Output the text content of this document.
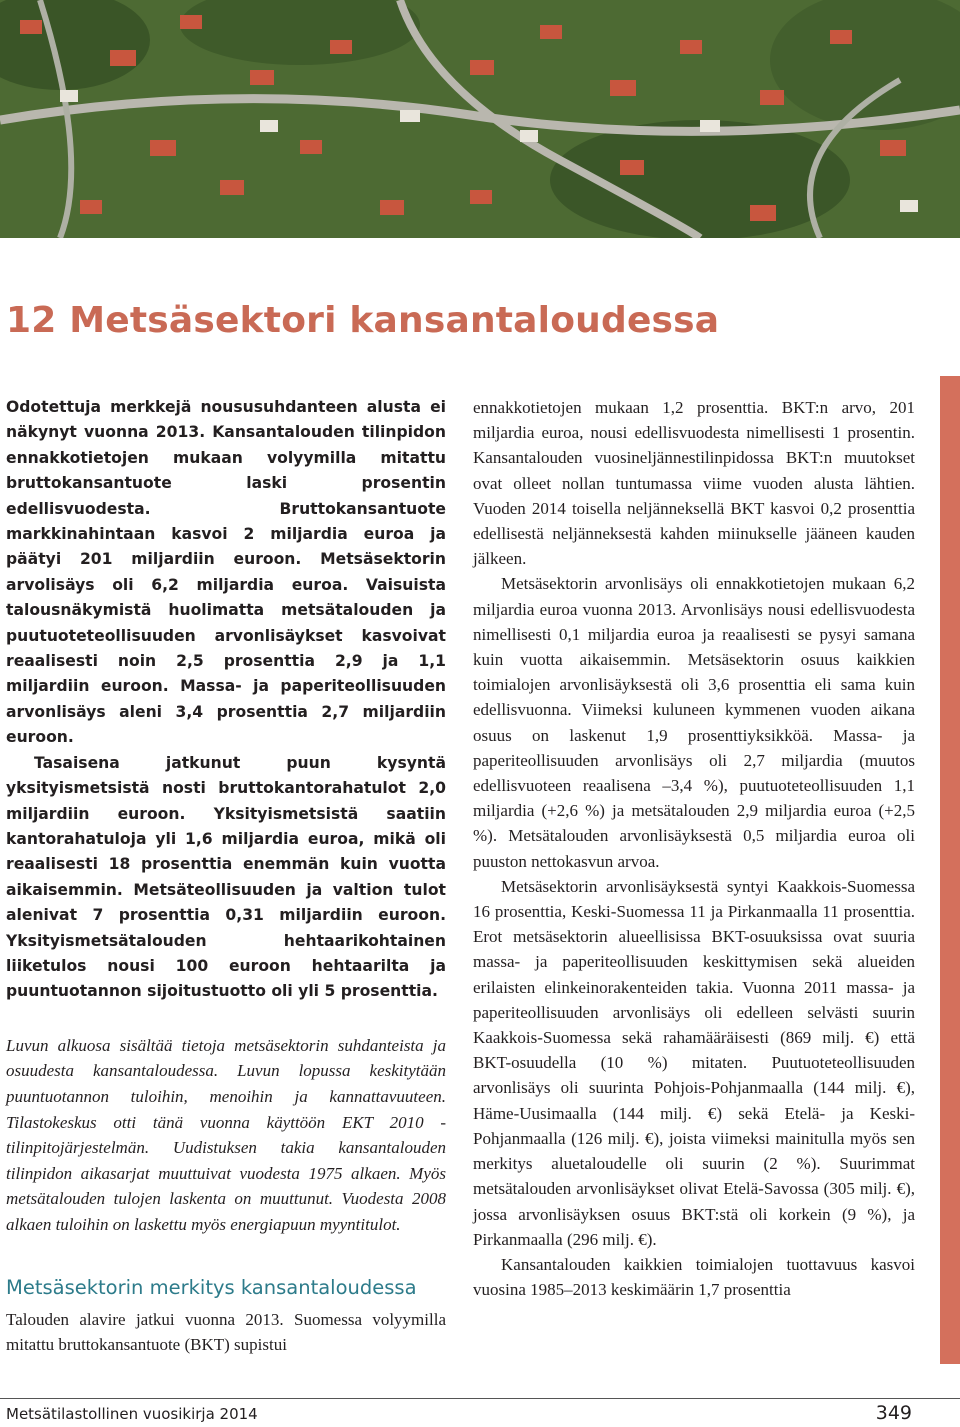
12 Metsäsektori kansantaloudessa

Odotettuja merkkejä noususuhdanteen alusta ei näkynyt vuonna 2013. Kansantalouden tilinpidon ennakkotietojen mukaan volyymilla mitattu bruttokansantuote laski prosentin edellisvuodesta. Bruttokansantuote markkinahintaan kasvoi 2 miljardia euroa ja päätyi 201 miljardiin euroon. Metsäsektorin arvolisäys oli 6,2 miljardia euroa. Vaisuista talousnäkymistä huolimatta metsätalouden ja puutuoteteollisuuden arvonlisäykset kasvoivat reaalisesti noin 2,5 prosenttia 2,9 ja 1,1 miljardiin euroon. Massa- ja paperiteollisuuden arvonlisäys aleni 3,4 prosenttia 2,7 miljardiin euroon.

Tasaisena jatkunut puun kysyntä yksityismetsistä nosti bruttokantorahatulot 2,0 miljardiin euroon. Yksityismetsistä saatiin kantorahatuloja yli 1,6 miljardia euroa, mikä oli reaalisesti 18 prosenttia enemmän kuin vuotta aikaisemmin. Metsäteollisuuden ja valtion tulot alenivat 7 prosenttia 0,31 miljardiin euroon. Yksityismetsätalouden hehtaarikohtainen liiketulos nousi 100 euroon hehtaarilta ja puuntuotannon sijoitustuotto oli yli 5 prosenttia.

Luvun alkuosa sisältää tietoja metsäsektorin suhdanteista ja osuudesta kansantaloudessa. Luvun lopussa keskitytään puuntuotannon tuloihin, menoihin ja kannattavuuteen. Tilastokeskus otti tänä vuonna käyttöön EKT 2010 -tilinpitojärjestelmän. Uudistuksen takia kansantalouden tilinpidon aikasarjat muuttuivat vuodesta 1975 alkaen. Myös metsätalouden tulojen laskenta on muuttunut. Vuodesta 2008 alkaen tuloihin on laskettu myös energiapuun myyntitulot.

Metsäsektorin merkitys kansantaloudessa

Talouden alavire jatkui vuonna 2013. Suomessa volyymilla mitattu bruttokansantuote (BKT) supistui

ennakkotietojen mukaan 1,2 prosenttia. BKT:n arvo, 201 miljardia euroa, nousi edellisvuodesta nimellisesti 1 prosentin. Kansantalouden vuosineljännestilinpidossa BKT:n muutokset ovat olleet nollan tuntumassa viime vuoden alusta lähtien. Vuoden 2014 toisella neljänneksellä BKT kasvoi 0,2 prosenttia edellisestä neljänneksestä kahden miinukselle jääneen kauden jälkeen.

Metsäsektorin arvonlisäys oli ennakkotietojen mukaan 6,2 miljardia euroa vuonna 2013. Arvonlisäys nousi edellisvuodesta nimellisesti 0,1 miljardia euroa ja reaalisesti se pysyi samana kuin vuotta aikaisemmin. Metsäsektorin osuus kaikkien toimialojen arvonlisäyksestä oli 3,6 prosenttia eli sama kuin edellisvuonna. Viimeksi kuluneen kymmenen vuoden aikana osuus on laskenut 1,9 prosenttiyksikköä. Massa- ja paperiteollisuuden arvonlisäys oli 2,7 miljardia (muutos edellisvuoteen reaalisena –3,4 %), puutuoteteollisuuden 1,1 miljardia (+2,6 %) ja metsätalouden 2,9 miljardia euroa (+2,5 %). Metsätalouden arvonlisäyksestä 0,5 miljardia euroa oli puuston nettokasvun arvoa.

Metsäsektorin arvonlisäyksestä syntyi Kaakkois-Suomessa 16 prosenttia, Keski-Suomessa 11 ja Pirkanmaalla 11 prosenttia. Erot metsäsektorin alueellisissa BKT-osuuksissa ovat suuria massa- ja paperiteollisuuden keskittymisen sekä alueiden erilaisten elinkeinorakenteiden takia. Vuonna 2011 massa- ja paperiteollisuuden arvonlisäys oli edelleen selvästi suurin Kaakkois-Suomessa sekä rahamääräisesti (869 milj. €) että BKT-osuudella (10 %) mitaten. Puutuoteteollisuuden arvonlisäys oli suurinta Pohjois-Pohjanmaalla (144 milj. €), Häme-Uusimaalla (144 milj. €) sekä Etelä- ja Keski-Pohjanmaalla (126 milj. €), joista viimeksi mainitulla myös sen merkitys aluetaloudelle oli suurin (2 %). Suurimmat metsätalouden arvonlisäykset olivat Etelä-Savossa (305 milj. €), jossa arvonlisäyksen osuus BKT:stä oli korkein (9 %), ja Pirkanmaalla (296 milj. €).

Kansantalouden kaikkien toimialojen tuottavuus kasvoi vuosina 1985–2013 keskimäärin 1,7 prosenttia

Metsätilastollinen vuosikirja 2014	349
